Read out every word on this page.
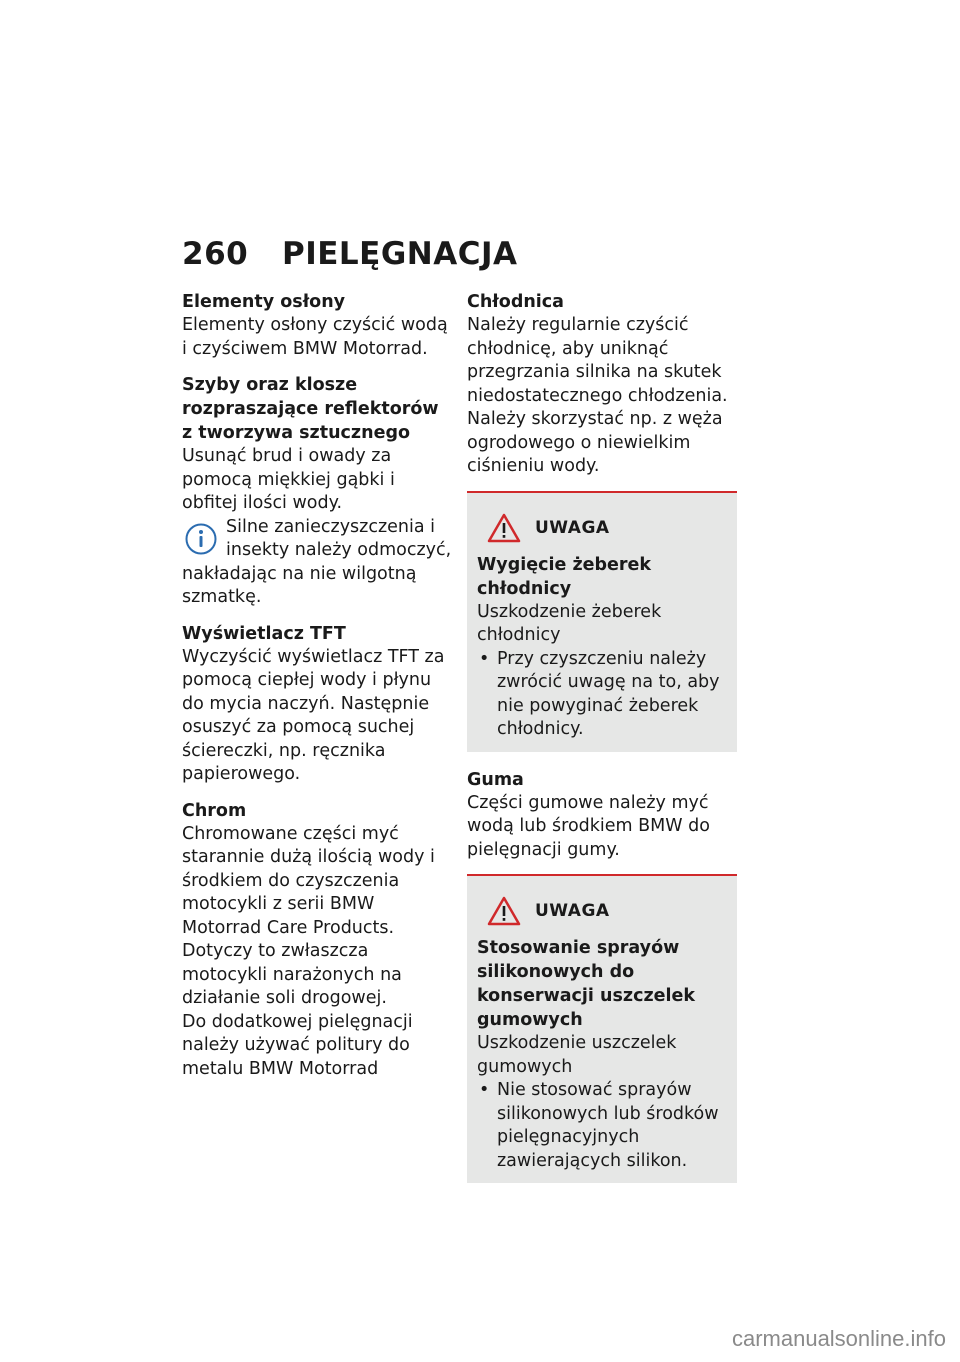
260 PIELĘGNACJA
Elementy osłony
Elementy osłony czyścić wodą i czyściwem BMW Motorrad.
Szyby oraz klosze rozpraszające reflektorów z tworzywa sztucznego
Usunąć brud i owady za pomocą miękkiej gąbki i obfitej ilości wody.
Silne zanieczyszczenia i insekty należy odmoczyć, nakładając na nie wilgotną szmatkę.
Wyświetlacz TFT
Wyczyścić wyświetlacz TFT za pomocą ciepłej wody i płynu do mycia naczyń. Następnie osuszyć za pomocą suchej ściereczki, np. ręcznika papierowego.
Chrom
Chromowane części myć starannie dużą ilością wody i środkiem do czyszczenia motocykli z serii BMW Motorrad Care Products. Dotyczy to zwłaszcza motocykli narażonych na działanie soli drogowej.
Do dodatkowej pielęgnacji należy używać politury do metalu BMW Motorrad
Chłodnica
Należy regularnie czyścić chłodnicę, aby uniknąć przegrzania silnika na skutek niedostatecznego chłodzenia.
Należy skorzystać np. z węża ogrodowego o niewielkim ciśnieniu wody.
UWAGA
Wygięcie żeberek chłodnicy
Uszkodzenie żeberek chłodnicy
• Przy czyszczeniu należy zwrócić uwagę na to, aby nie powyginać żeberek chłodnicy.
Guma
Części gumowe należy myć wodą lub środkiem BMW do pielęgnacji gumy.
UWAGA
Stosowanie sprayów silikonowych do konserwacji uszczelek gumowych
Uszkodzenie uszczelek gumowych
• Nie stosować sprayów silikonowych lub środków pielęgnacyjnych zawierających silikon.
carmanualsonline.info
